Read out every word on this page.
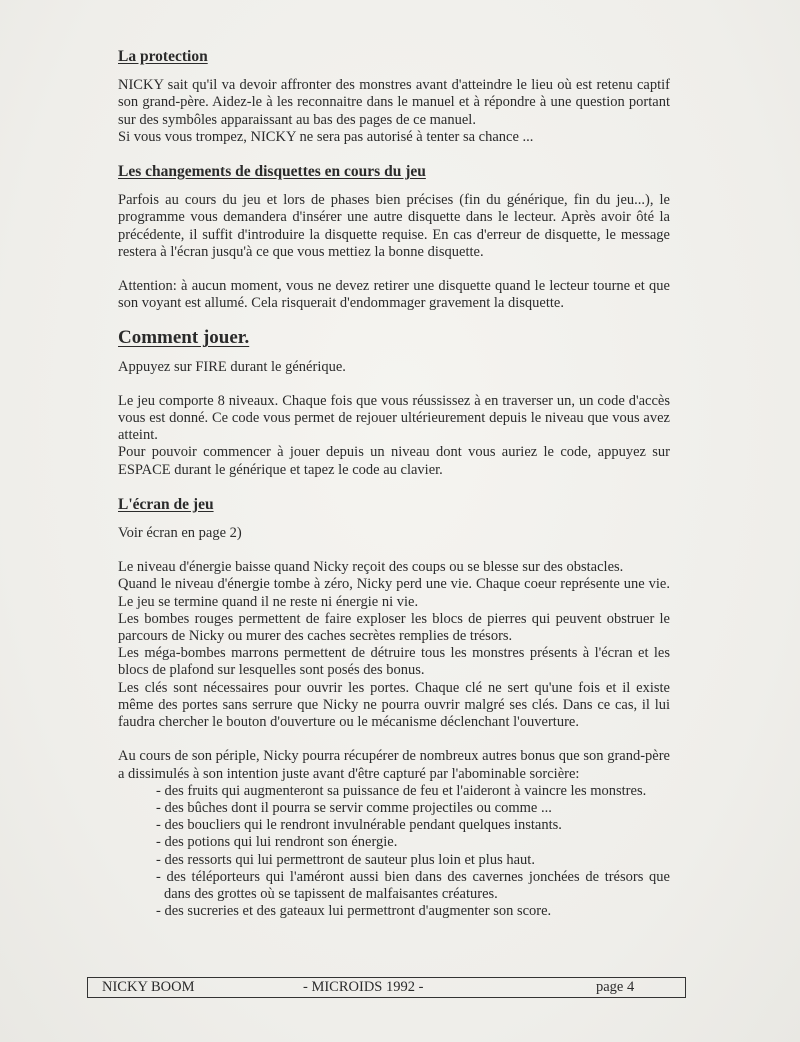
La protection

NICKY sait qu'il va devoir affronter des monstres avant d'atteindre le lieu où est retenu captif son grand-père. Aidez-le à les reconnaitre dans le manuel et à répondre à une question portant sur des symbôles apparaissant au bas des pages de ce manuel.

Si vous vous trompez, NICKY ne sera pas autorisé à tenter sa chance ...

Les changements de disquettes en cours du jeu

Parfois au cours du jeu et lors de phases bien précises (fin du générique, fin du jeu...), le programme vous demandera d'insérer une autre disquette dans le lecteur. Après avoir ôté la précédente, il suffit d'introduire la disquette requise. En cas d'erreur de disquette, le message restera à l'écran jusqu'à ce que vous mettiez la bonne disquette.

Attention: à aucun moment, vous ne devez retirer une disquette quand le lecteur tourne et que son voyant est allumé. Cela risquerait d'endommager gravement la disquette.

Comment jouer.

Appuyez sur FIRE durant le générique.

Le jeu comporte 8 niveaux. Chaque fois que vous réussissez à en traverser un, un code d'accès vous est donné. Ce code vous permet de rejouer ultérieurement depuis le niveau que vous avez atteint.

Pour pouvoir commencer à jouer depuis un niveau dont vous auriez le code, appuyez sur ESPACE durant le générique et tapez le code au clavier.

L'écran de jeu

Voir écran en page 2)

Le niveau d'énergie baisse quand Nicky reçoit des coups ou se blesse sur des obstacles.

Quand le niveau d'énergie tombe à zéro, Nicky perd une vie. Chaque coeur représente une vie. Le jeu se termine quand il ne reste ni énergie ni vie.

Les bombes rouges permettent de faire exploser les blocs de pierres qui peuvent obstruer le parcours de Nicky ou murer des caches secrètes remplies de trésors.

Les méga-bombes marrons permettent de détruire tous les monstres présents à l'écran et les blocs de plafond sur lesquelles sont posés des bonus.

Les clés sont nécessaires pour ouvrir les portes. Chaque clé ne sert qu'une fois et il existe même des portes sans serrure que Nicky ne pourra ouvrir malgré ses clés. Dans ce cas, il lui faudra chercher le bouton d'ouverture ou le mécanisme déclenchant l'ouverture.

Au cours de son périple, Nicky pourra récupérer de nombreux autres bonus que son grand-père a dissimulés à son intention juste avant d'être capturé par l'abominable sorcière:

- des fruits qui augmenteront sa puissance de feu et l'aideront à vaincre les monstres.
- des bûches dont il pourra se servir comme projectiles ou comme ...
- des boucliers qui le rendront invulnérable pendant quelques instants.
- des potions qui lui rendront son énergie.
- des ressorts qui lui permettront de sauteur plus loin et plus haut.
- des téléporteurs qui l'améront aussi bien dans des cavernes jonchées de trésors que dans des grottes où se tapissent de malfaisantes créatures.
- des sucreries et des gateaux lui permettront d'augmenter son score.
NICKY BOOM	- MICROIDS 1992 -	page 4
